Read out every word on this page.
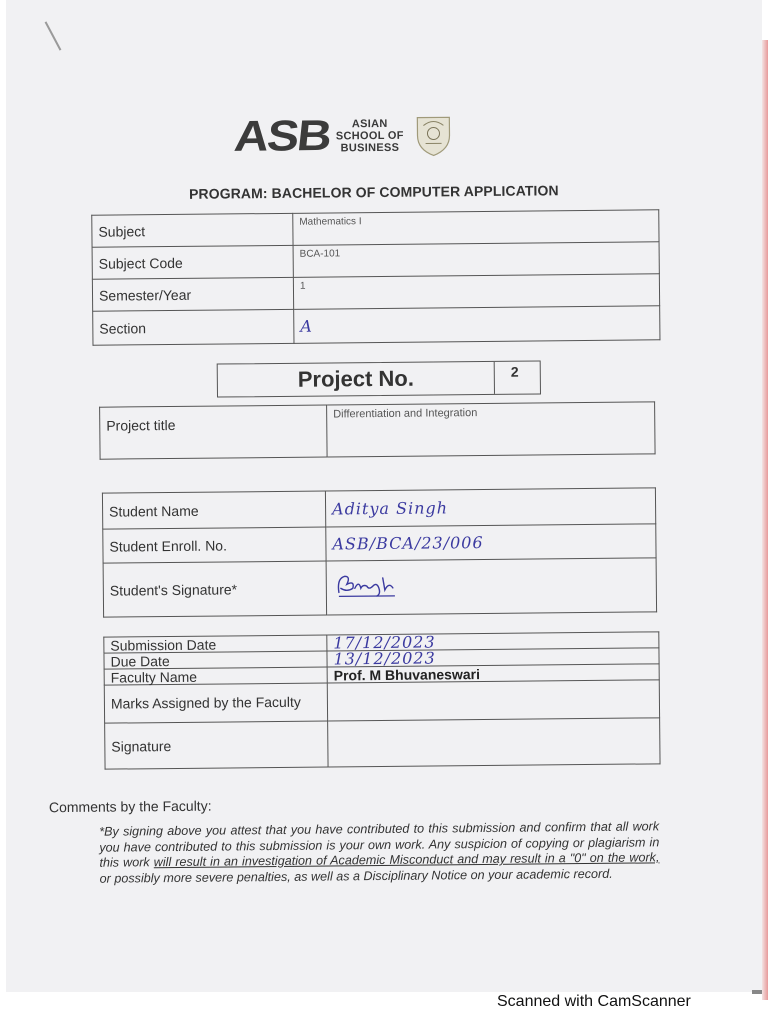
ASB	ASIAN
SCHOOL OF
BUSINESS
PROGRAM: BACHELOR OF COMPUTER APPLICATION
Subject	Mathematics I
Subject Code	BCA-101
Semester/Year	1
Section	A
Project No.	2
Project title	Differentiation and Integration
Student Name	Aditya Singh
Student Enroll. No.	ASB/BCA/23/006
Student's Signature*	
Submission Date	17/12/2023
Due Date	13/12/2023
Faculty Name	Prof. M Bhuvaneswari
Marks Assigned by the Faculty	
Signature	
Comments by the Faculty:
*By signing above you attest that you have contributed to this submission and confirm that all work you have contributed to this submission is your own work. Any suspicion of copying or plagiarism in this work will result in an investigation of Academic Misconduct and may result in a "0" on the work, or possibly more severe penalties, as well as a Disciplinary Notice on your academic record.
Scanned with CamScanner
